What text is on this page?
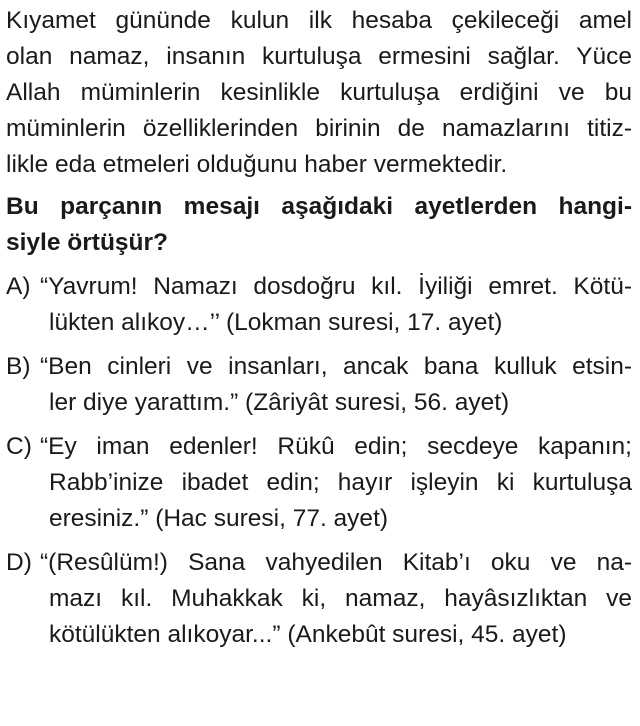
Kıyamet gününde kulun ilk hesaba çekileceği amel
olan namaz, insanın kurtuluşa ermesini sağlar. Yüce
Allah müminlerin kesinlikle kurtuluşa erdiğini ve bu
müminlerin özelliklerinden birinin de namazlarını titiz-
likle eda etmeleri olduğunu haber vermektedir.
Bu parçanın mesajı aşağıdaki ayetlerden hangi-
siyle örtüşür?
A) “Yavrum! Namazı dosdoğru kıl. İyiliği emret. Kötü-
lükten alıkoy…’’ (Lokman suresi, 17. ayet)
B) “Ben cinleri ve insanları, ancak bana kulluk etsin-
ler diye yarattım.” (Zâriyât suresi, 56. ayet)
C) “Ey iman edenler! Rükû edin; secdeye kapanın;
Rabb’inize ibadet edin; hayır işleyin ki kurtuluşa
eresiniz.” (Hac suresi, 77. ayet)
D) “(Resûlüm!) Sana vahyedilen Kitab’ı oku ve na-
mazı kıl. Muhakkak ki, namaz, hayâsızlıktan ve
kötülükten alıkoyar...” (Ankebût suresi, 45. ayet)
